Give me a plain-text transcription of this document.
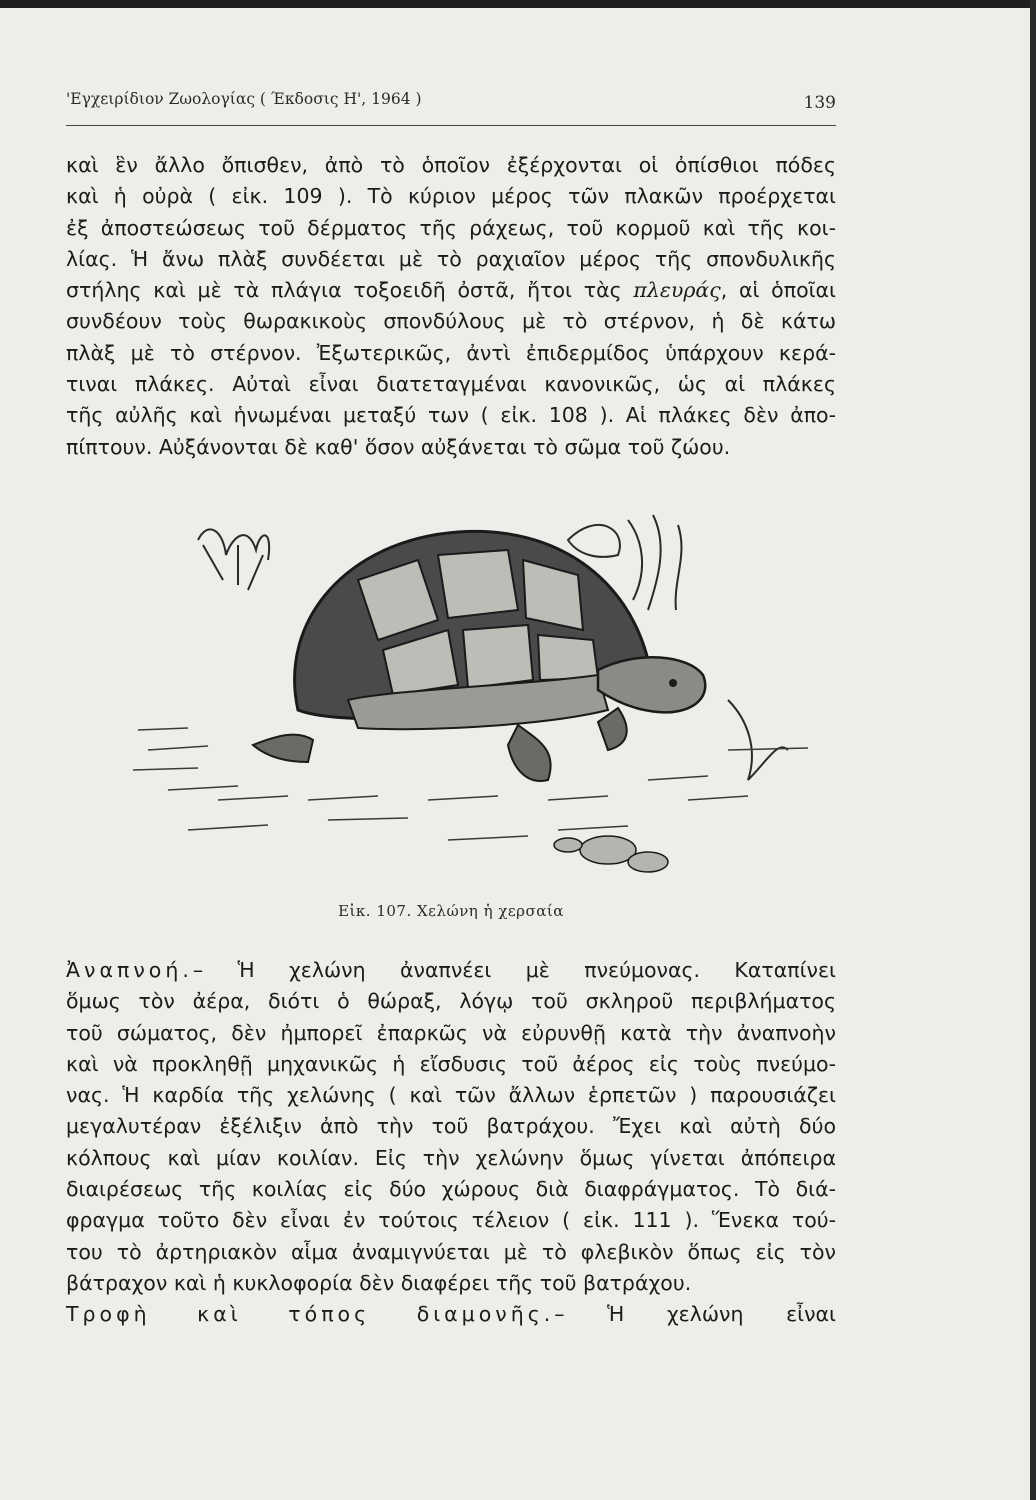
'Εγχειρίδιον Ζωολογίας ( Έκδοσις Η', 1964 )	139
καὶ ἓν ἄλλο ὄπισθεν, ἀπὸ τὸ ὁποῖον ἐξέρχονται οἱ ὀπίσθιοι πόδες
καὶ ἡ οὐρὰ ( εἰκ. 109 ). Τὸ κύριον μέρος τῶν πλακῶν προέρχεται
ἐξ ἀποστεώσεως τοῦ δέρματος τῆς ράχεως, τοῦ κορμοῦ καὶ τῆς κοι-
λίας. Ἡ ἄνω πλὰξ συνδέεται μὲ τὸ ραχιαῖον μέρος τῆς σπονδυλικῆς
στήλης καὶ μὲ τὰ πλάγια τοξοειδῆ ὀστᾶ, ἤτοι τὰς πλευράς, αἱ ὁποῖαι
συνδέουν τοὺς θωρακικοὺς σπονδύλους μὲ τὸ στέρνον, ἡ δὲ κάτω
πλὰξ μὲ τὸ στέρνον. Ἐξωτερικῶς, ἀντὶ ἐπιδερμίδος ὑπάρχουν κερά-
τιναι πλάκες. Αὐταὶ εἶναι διατεταγμέναι κανονικῶς, ὡς αἱ πλάκες
τῆς αὐλῆς καὶ ἡνωμέναι μεταξύ των ( εἰκ. 108 ). Αἱ πλάκες δὲν ἀπο-
πίπτουν. Αὐξάνονται δὲ καθ' ὅσον αὐξάνεται τὸ σῶμα τοῦ ζώου.
Εἰκ. 107. Χελώνη ἡ χερσαία
Ἀναπνοή.– Ἡ χελώνη ἀναπνέει μὲ πνεύμονας. Καταπίνει
ὅμως τὸν ἀέρα, διότι ὁ θώραξ, λόγῳ τοῦ σκληροῦ περιβλήματος
τοῦ σώματος, δὲν ἠμπορεῖ ἐπαρκῶς νὰ εὐρυνθῇ κατὰ τὴν ἀναπνοὴν
καὶ νὰ προκληθῇ μηχανικῶς ἡ εἴσδυσις τοῦ ἀέρος εἰς τοὺς πνεύμο-
νας. Ἡ καρδία τῆς χελώνης ( καὶ τῶν ἄλλων ἑρπετῶν ) παρουσιάζει
μεγαλυτέραν ἐξέλιξιν ἀπὸ τὴν τοῦ βατράχου. Ἔχει καὶ αὐτὴ δύο
κόλπους καὶ μίαν κοιλίαν. Εἰς τὴν χελώνην ὅμως γίνεται ἀπόπειρα
διαιρέσεως τῆς κοιλίας εἰς δύο χώρους διὰ διαφράγματος. Τὸ διά-
φραγμα τοῦτο δὲν εἶναι ἐν τούτοις τέλειον ( εἰκ. 111 ). Ἕνεκα τού-
του τὸ ἀρτηριακὸν αἷμα ἀναμιγνύεται μὲ τὸ φλεβικὸν ὅπως εἰς τὸν
βάτραχον καὶ ἡ κυκλοφορία δὲν διαφέρει τῆς τοῦ βατράχου.
Τροφὴ καὶ τόπος διαμονῆς.– Ἡ χελώνη εἶναι
